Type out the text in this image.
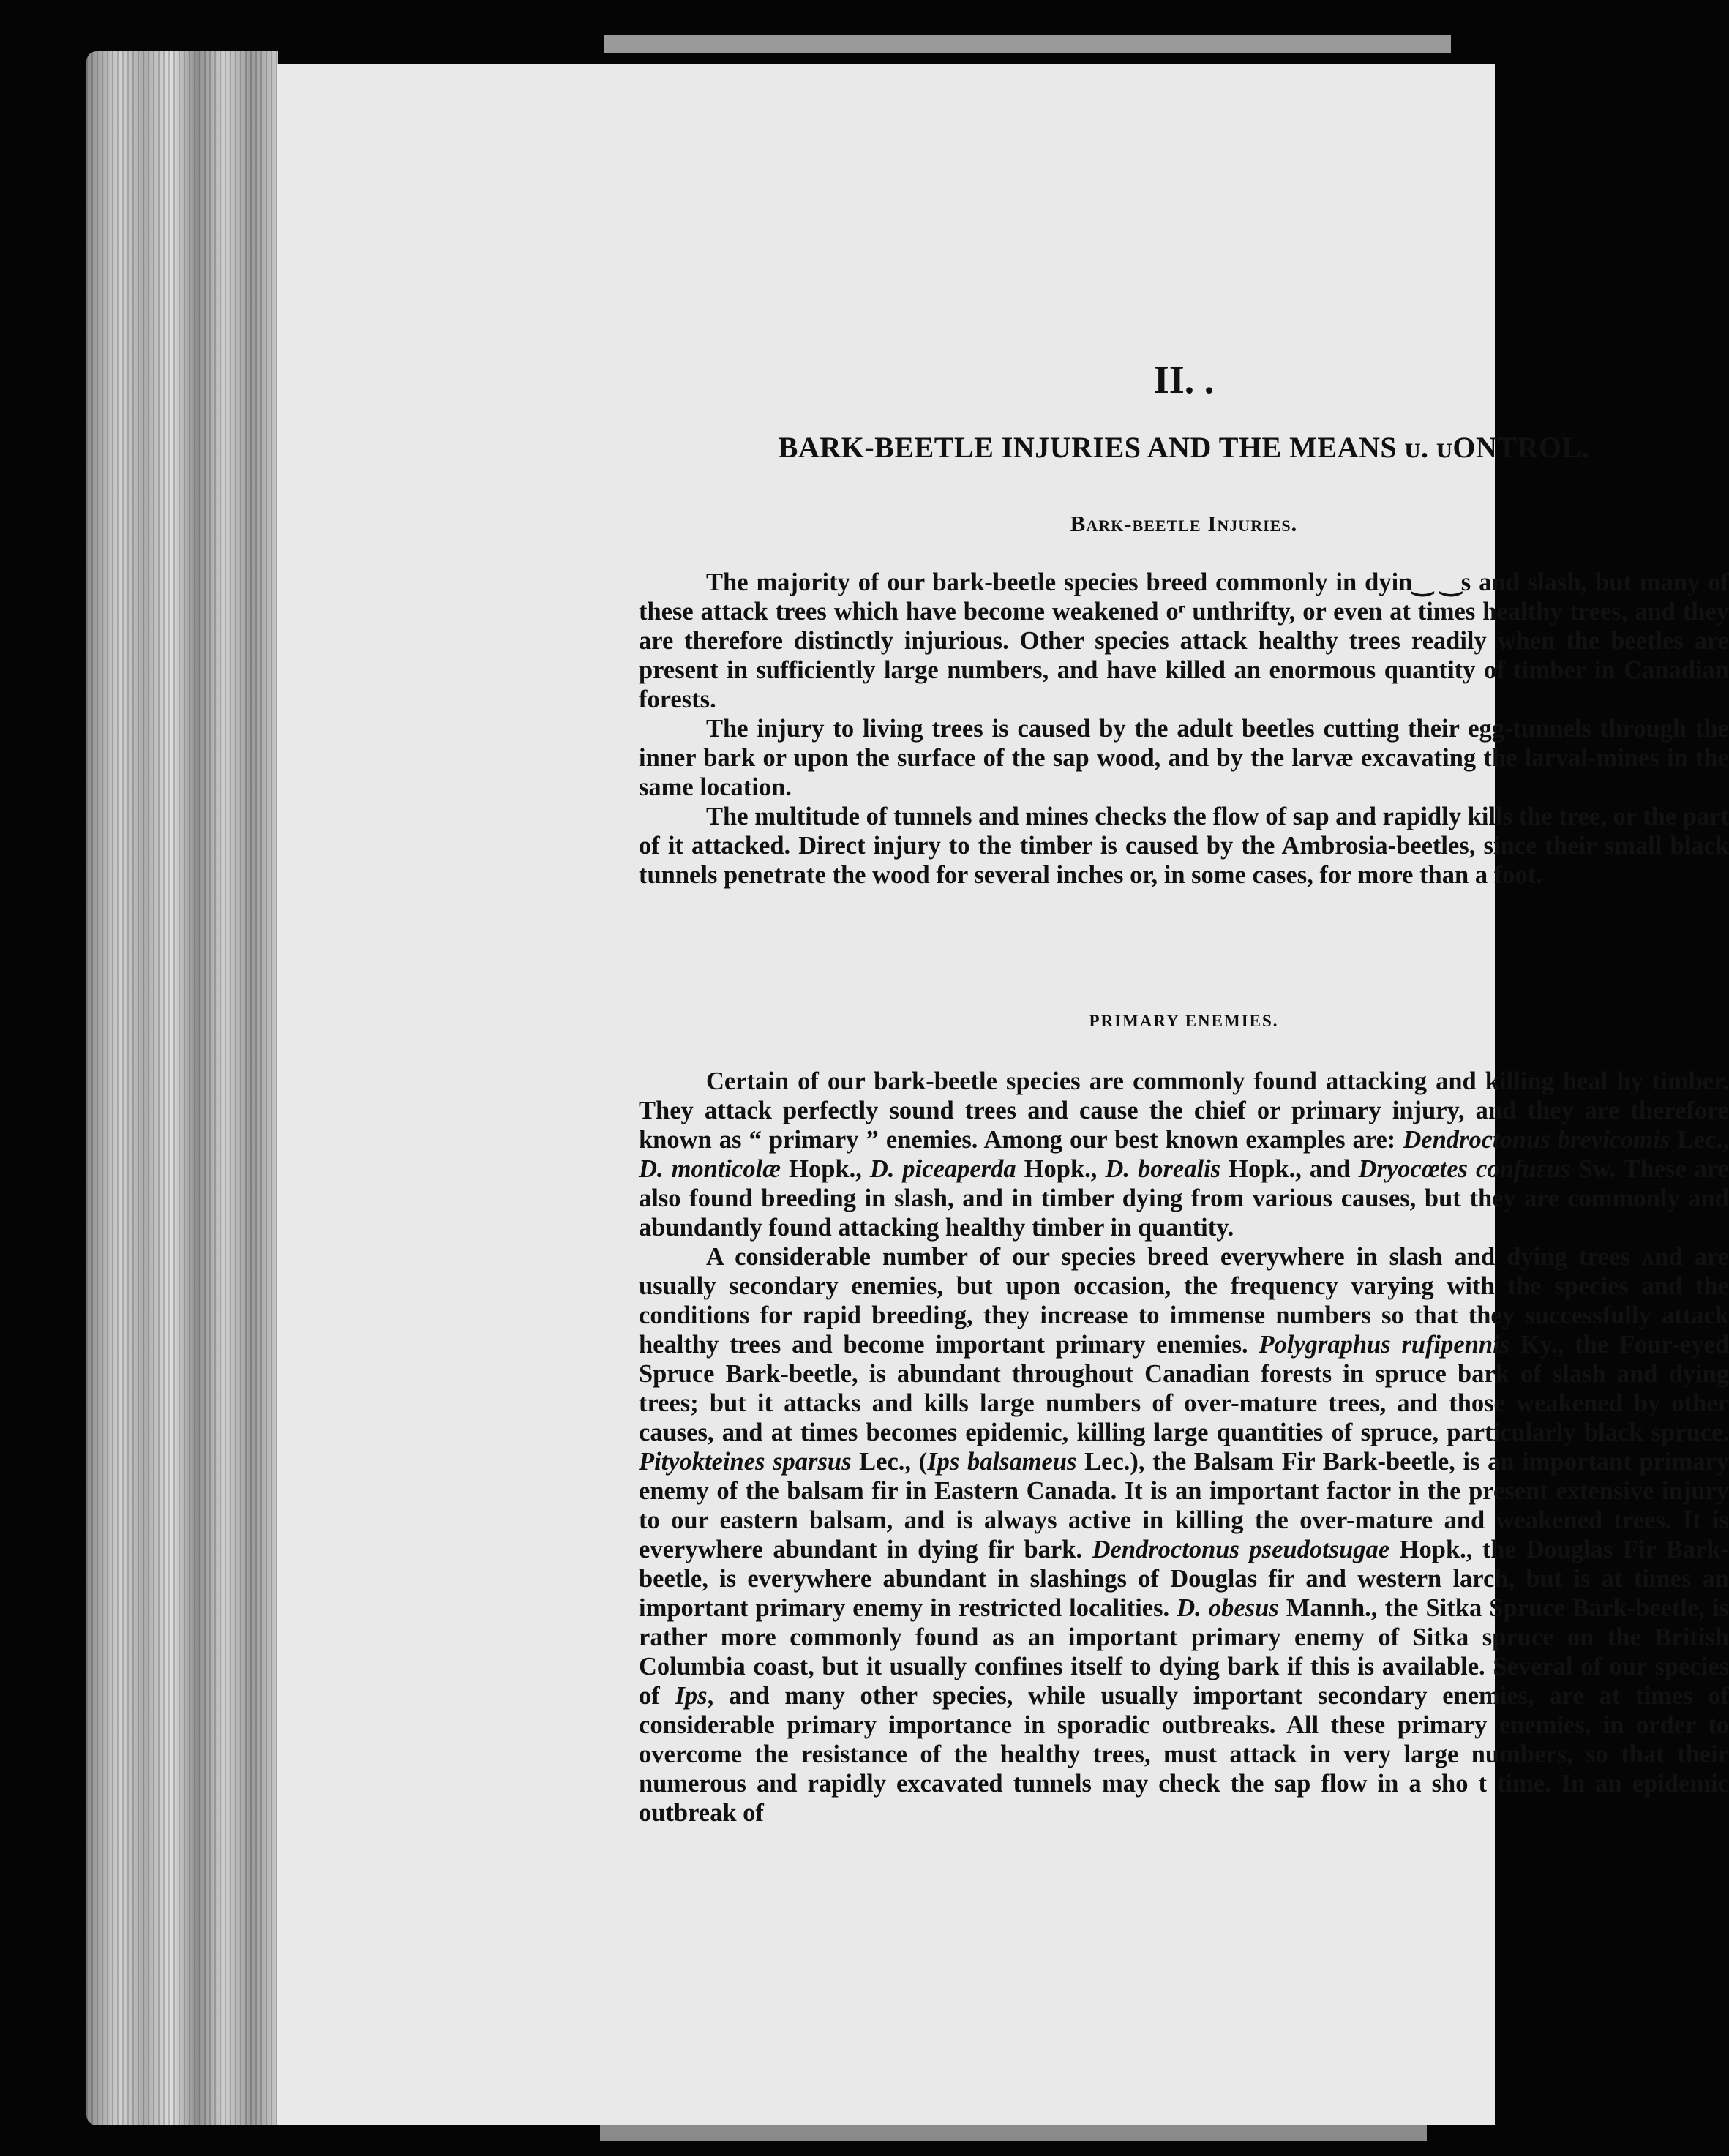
II. .
BARK-BEETLE INJURIES AND THE MEANS ᴜ. ᴜONTROL.
Bark-beetle Injuries.

The majority of our bark-beetle species breed commonly in dyin‿ ‿s and slash, but many of these attack trees which have become weakened oʳ unthrifty, or even at times healthy trees, and they are therefore distinctly injurious. Other species attack healthy trees readily when the beetles are present in sufficiently large numbers, and have killed an enormous quantity of timber in Canadian forests.

The injury to living trees is caused by the adult beetles cutting their egg-tunnels through the inner bark or upon the surface of the sap wood, and by the larvæ excavating the larval-mines in the same location.

The multitude of tunnels and mines checks the flow of sap and rapidly kills the tree, or the part of it attacked. Direct injury to the timber is caused by the Ambrosia-beetles, since their small black tunnels penetrate the wood for several inches or, in some cases, for more than a foot.

PRIMARY ENEMIES.

Certain of our bark-beetle species are commonly found attacking and killing heal hy timber. They attack perfectly sound trees and cause the chief or primary injury, and they are therefore known as “ primary ” enemies. Among our best known examples are: Dendroctonus brevicomis Lec., D. monticolæ Hopk., D. piceaperda Hopk., D. borealis Hopk., and Dryocœtes confuɛus Sw. These are also found breeding in slash, and in timber dying from various causes, but they are commonly and abundantly found attacking healthy timber in quantity.

A considerable number of our species breed everywhere in slash and dying trees ʌnd are usually secondary enemies, but upon occasion, the frequency varying with the species and the conditions for rapid breeding, they increase to immense numbers so that they successfully attack healthy trees and become important primary enemies. Polygraphus rufipennis Ky., the Four-eyed Spruce Bark-beetle, is abundant throughout Canadian forests in spruce bark of slash and dying trees; but it attacks and kills large numbers of over-mature trees, and those weakened by other causes, and at times becomes epidemic, killing large quantities of spruce, particularly black spruce. Pityokteines sparsus Lec., (Ips balsameus Lec.), the Balsam Fir Bark-beetle, is an important primary enemy of the balsam fir in Eastern Canada. It is an important factor in the present extensive injury to our eastern balsam, and is always active in killing the over-mature and weakened trees. It is everywhere abundant in dying fir bark. Dendroctonus pseudotsugae Hopk., the Douglas Fir Bark-beetle, is everywhere abundant in slashings of Douglas fir and western larch, but is at times an important primary enemy in restricted localities. D. obesus Mannh., the Sitka Spruce Bark-beetle, is rather more commonly found as an important primary enemy of Sitka spruce on the British Columbia coast, but it usually confines itself to dying bark if this is available. Several of our species of Ips, and many other species, while usually important secondary enemies, are at times of considerable primary importance in sporadic outbreaks. All these primary enemies, in order to overcome the resistance of the healthy trees, must attack in very large numbers, so that their numerous and rapidly excavated tunnels may check the sap flow in a sho t time. In an epidemic outbreak of
